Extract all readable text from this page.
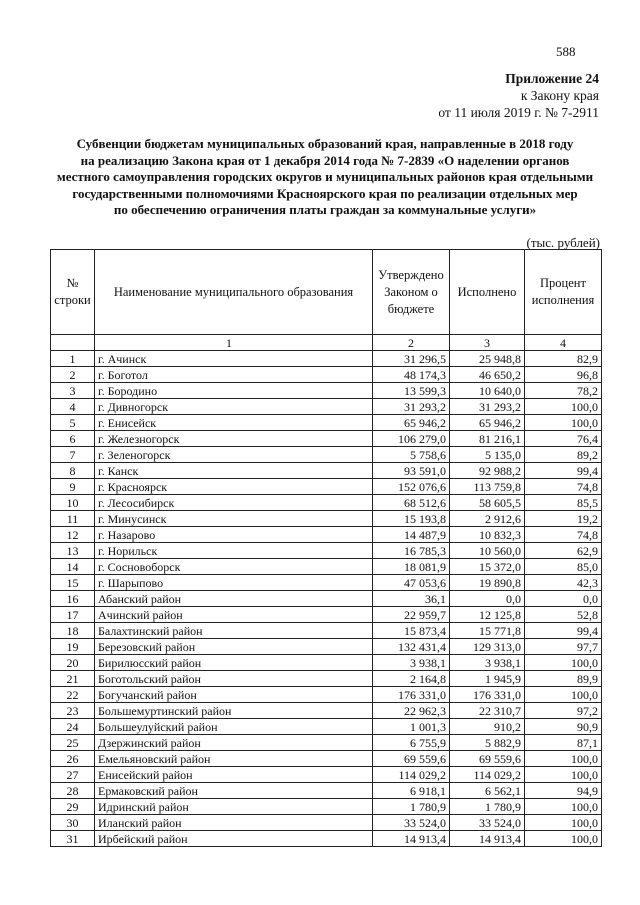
588
Приложение 24
к Закону края
от 11 июля 2019 г. № 7-2911
Субвенции бюджетам муниципальных образований края, направленные в 2018 году
на реализацию Закона края от 1 декабря 2014 года № 7-2839 «О наделении органов
местного самоуправления городских округов и муниципальных районов края отдельными
государственными полномочиями Красноярского края по реализации отдельных мер
по обеспечению ограничения платы граждан за коммунальные услуги»
(тыс. рублей)
№ строки	Наименование муниципального образования	Утверждено Законом о бюджете	Исполнено	Процент исполнения
	1	2	3	4
1	г. Ачинск	31 296,5	25 948,8	82,9
2	г. Боготол	48 174,3	46 650,2	96,8
3	г. Бородино	13 599,3	10 640,0	78,2
4	г. Дивногорск	31 293,2	31 293,2	100,0
5	г. Енисейск	65 946,2	65 946,2	100,0
6	г. Железногорск	106 279,0	81 216,1	76,4
7	г. Зеленогорск	5 758,6	5 135,0	89,2
8	г. Канск	93 591,0	92 988,2	99,4
9	г. Красноярск	152 076,6	113 759,8	74,8
10	г. Лесосибирск	68 512,6	58 605,5	85,5
11	г. Минусинск	15 193,8	2 912,6	19,2
12	г. Назарово	14 487,9	10 832,3	74,8
13	г. Норильск	16 785,3	10 560,0	62,9
14	г. Сосновоборск	18 081,9	15 372,0	85,0
15	г. Шарыпово	47 053,6	19 890,8	42,3
16	Абанский район	36,1	0,0	0,0
17	Ачинский район	22 959,7	12 125,8	52,8
18	Балахтинский район	15 873,4	15 771,8	99,4
19	Березовский район	132 431,4	129 313,0	97,7
20	Бирилюсский район	3 938,1	3 938,1	100,0
21	Боготольский район	2 164,8	1 945,9	89,9
22	Богучанский район	176 331,0	176 331,0	100,0
23	Большемуртинский район	22 962,3	22 310,7	97,2
24	Большеулуйский район	1 001,3	910,2	90,9
25	Дзержинский район	6 755,9	5 882,9	87,1
26	Емельяновский район	69 559,6	69 559,6	100,0
27	Енисейский район	114 029,2	114 029,2	100,0
28	Ермаковский район	6 918,1	6 562,1	94,9
29	Идринский район	1 780,9	1 780,9	100,0
30	Иланский район	33 524,0	33 524,0	100,0
31	Ирбейский район	14 913,4	14 913,4	100,0
